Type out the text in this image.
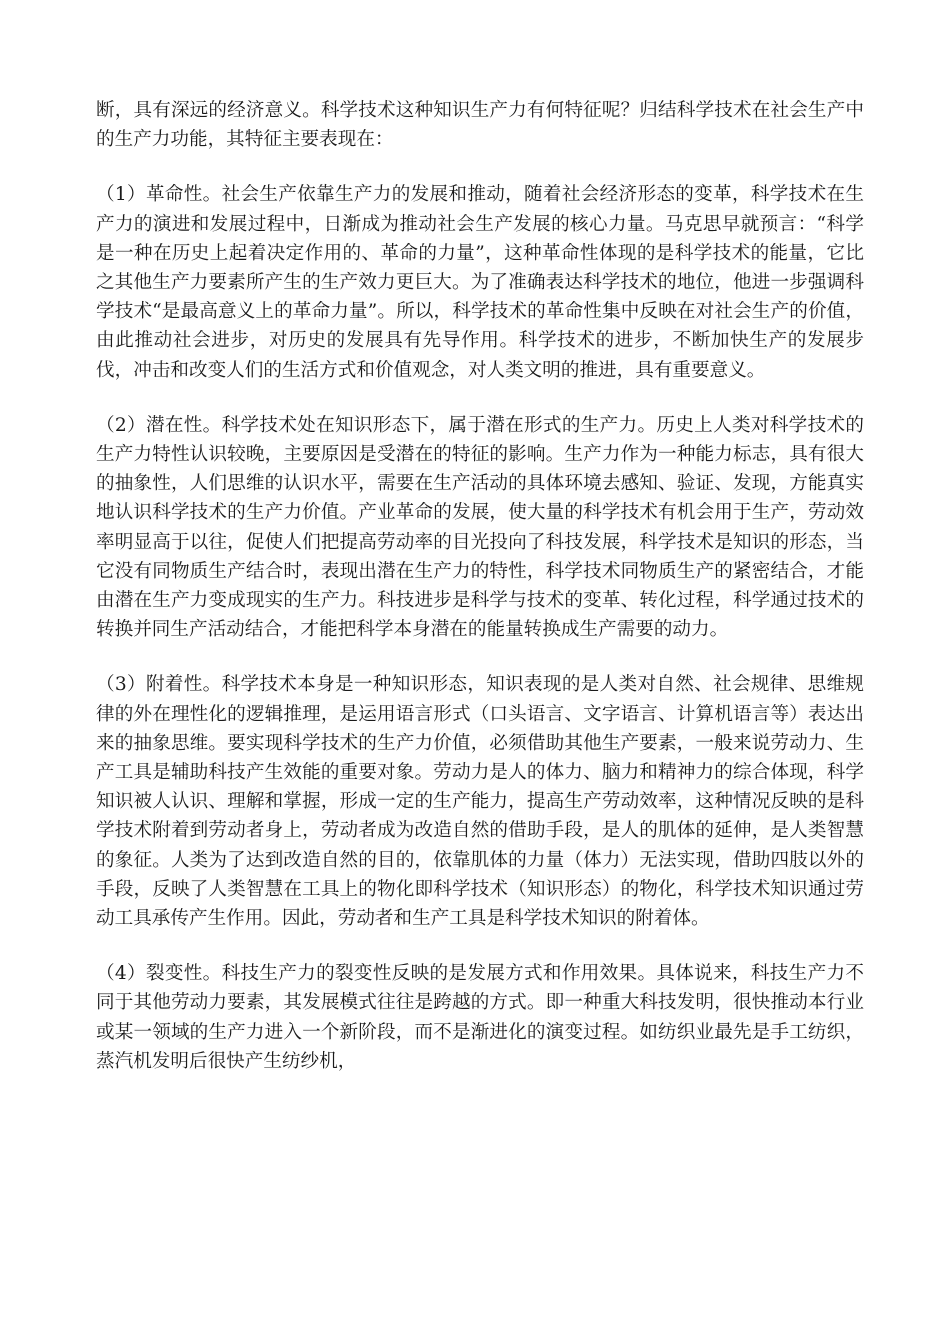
断，具有深远的经济意义。科学技术这种知识生产力有何特征呢？归结科学技术在社会生产中的生产力功能，其特征主要表现在：

（1）革命性。社会生产依靠生产力的发展和推动，随着社会经济形态的变革，科学技术在生产力的演进和发展过程中，日渐成为推动社会生产发展的核心力量。马克思早就预言：“科学是一种在历史上起着决定作用的、革命的力量”，这种革命性体现的是科学技术的能量，它比之其他生产力要素所产生的生产效力更巨大。为了准确表达科学技术的地位，他进一步强调科学技术“是最高意义上的革命力量”。所以，科学技术的革命性集中反映在对社会生产的价值，由此推动社会进步，对历史的发展具有先导作用。科学技术的进步，不断加快生产的发展步伐，冲击和改变人们的生活方式和价值观念，对人类文明的推进，具有重要意义。

（2）潜在性。科学技术处在知识形态下，属于潜在形式的生产力。历史上人类对科学技术的生产力特性认识较晚，主要原因是受潜在的特征的影响。生产力作为一种能力标志，具有很大的抽象性，人们思维的认识水平，需要在生产活动的具体环境去感知、验证、发现，方能真实地认识科学技术的生产力价值。产业革命的发展，使大量的科学技术有机会用于生产，劳动效率明显高于以往，促使人们把提高劳动率的目光投向了科技发展，科学技术是知识的形态，当它没有同物质生产结合时，表现出潜在生产力的特性，科学技术同物质生产的紧密结合，才能由潜在生产力变成现实的生产力。科技进步是科学与技术的变革、转化过程，科学通过技术的转换并同生产活动结合，才能把科学本身潜在的能量转换成生产需要的动力。

（3）附着性。科学技术本身是一种知识形态，知识表现的是人类对自然、社会规律、思维规律的外在理性化的逻辑推理，是运用语言形式（口头语言、文字语言、计算机语言等）表达出来的抽象思维。要实现科学技术的生产力价值，必须借助其他生产要素，一般来说劳动力、生产工具是辅助科技产生效能的重要对象。劳动力是人的体力、脑力和精神力的综合体现，科学知识被人认识、理解和掌握，形成一定的生产能力，提高生产劳动效率，这种情况反映的是科学技术附着到劳动者身上，劳动者成为改造自然的借助手段，是人的肌体的延伸，是人类智慧的象征。人类为了达到改造自然的目的，依靠肌体的力量（体力）无法实现，借助四肢以外的手段，反映了人类智慧在工具上的物化即科学技术（知识形态）的物化，科学技术知识通过劳动工具承传产生作用。因此，劳动者和生产工具是科学技术知识的附着体。

（4）裂变性。科技生产力的裂变性反映的是发展方式和作用效果。具体说来，科技生产力不同于其他劳动力要素，其发展模式往往是跨越的方式。即一种重大科技发明，很快推动本行业或某一领域的生产力进入一个新阶段，而不是渐进化的演变过程。如纺织业最先是手工纺织，蒸汽机发明后很快产生纺纱机，
